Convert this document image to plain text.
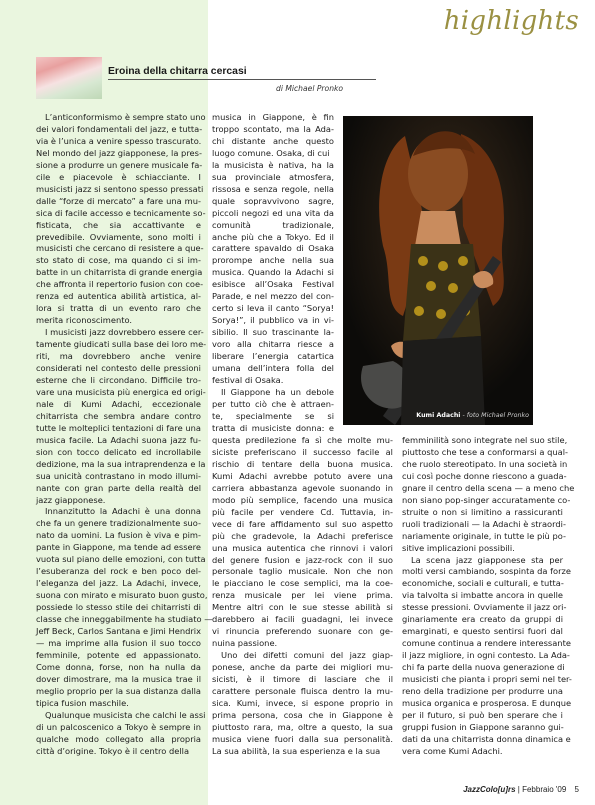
highlights
Eroina della chitarra cercasi
di Michael Pronko
L’anticonformismo è sempre stato uno
dei valori fondamentali del jazz, e tutta-
via è l’unica a venire spesso trascurato.
Nel mondo del jazz giapponese, la pres-
sione a produrre un genere musicale fa-
cile e piacevole è schiacciante. I
musicisti jazz si sentono spesso pressati
dalle “forze di mercato” a fare una mu-
sica di facile accesso e tecnicamente so-
fisticata, che sia accattivante e
prevedibile. Ovviamente, sono molti i
musicisti che cercano di resistere a que-
sto stato di cose, ma quando ci si im-
batte in un chitarrista di grande energia
che affronta il repertorio fusion con coe-
renza ed autentica abilità artistica, al-
lora si tratta di un evento raro che
merita riconoscimento.
I musicisti jazz dovrebbero essere cer-
tamente giudicati sulla base dei loro me-
riti, ma dovrebbero anche venire
considerati nel contesto delle pressioni
esterne che li circondano. Difficile tro-
vare una musicista più energica ed origi-
nale di Kumi Adachi, eccezionale
chitarrista che sembra andare contro
tutte le molteplici tentazioni di fare una
musica facile. La Adachi suona jazz fu-
sion con tocco delicato ed incrollabile
dedizione, ma la sua intraprendenza e la
sua unicità contrastano in modo illumi-
nante con gran parte della realtà del
jazz giapponese.
Innanzitutto la Adachi è una donna
che fa un genere tradizionalmente suo-
nato da uomini. La fusion è viva e pim-
pante in Giappone, ma tende ad essere
vuota sul piano delle emozioni, con tutta
l’esuberanza del rock e ben poco del-
l’eleganza del jazz. La Adachi, invece,
suona con mirato e misurato buon gusto,
possiede lo stesso stile dei chitarristi di
classe che inneggabilmente ha studiato —
Jeff Beck, Carlos Santana e Jimi Hendrix
— ma imprime alla fusion il suo tocco
femminile, potente ed appassionato.
Come donna, forse, non ha nulla da
dover dimostrare, ma la musica trae il
meglio proprio per la sua distanza dalla
tipica fusion maschile.
Qualunque musicista che calchi le assi
di un palcoscenico a Tokyo è sempre in
qualche modo collegato alla propria
città d’origine. Tokyo è il centro della
musica in Giappone, è fin
troppo scontato, ma la Ada-
chi distante anche questo
luogo comune. Osaka, di cui
la musicista è nativa, ha la
sua provinciale atmosfera,
rissosa e senza regole, nella
quale sopravvivono sagre,
piccoli negozi ed una vita da
comunità tradizionale,
anche più che a Tokyo. Ed il
carattere spavaldo di Osaka
prorompe anche nella sua
musica. Quando la Adachi si
esibisce all’Osaka Festival
Parade, e nel mezzo del con-
certo si leva il canto “Sorya!
Sorya!”, il pubblico va in vi-
sibilio. Il suo trascinante la-
voro alla chitarra riesce a
liberare l’energia catartica
umana dell’intera folla del
festival di Osaka.
Il Giappone ha un debole
per tutto ciò che è attraen-
te, specialmente se si
tratta di musiciste donna: e
questa predilezione fa sì che molte mu-
siciste preferiscano il successo facile al
rischio di tentare della buona musica.
Kumi Adachi avrebbe potuto avere una
carriera abbastanza agevole suonando in
modo più semplice, facendo una musica
più facile per vendere Cd. Tuttavia, in-
vece di fare affidamento sul suo aspetto
più che gradevole, la Adachi preferisce
una musica autentica che rinnovi i valori
del genere fusion e jazz-rock con il suo
personale taglio musicale. Non che non
le piacciano le cose semplici, ma la coe-
renza musicale per lei viene prima.
Mentre altri con le sue stesse abilità si
darebbero ai facili guadagni, lei invece
vi rinuncia preferendo suonare con ge-
nuina passione.
Uno dei difetti comuni del jazz giap-
ponese, anche da parte dei migliori mu-
sicisti, è il timore di lasciare che il
carattere personale fluisca dentro la mu-
sica. Kumi, invece, si espone proprio in
prima persona, cosa che in Giappone è
piuttosto rara, ma, oltre a questo, la sua
musica viene fuori dalla sua personalità.
La sua abilità, la sua esperienza e la sua
femminilità sono integrate nel suo stile,
piuttosto che tese a conformarsi a qual-
che ruolo stereotipato. In una società in
cui così poche donne riescono a guada-
gnare il centro della scena — a meno che
non siano pop-singer accuratamente co-
struite o non si limitino a rassicuranti
ruoli tradizionali — la Adachi è straordi-
nariamente originale, in tutte le più po-
sitive implicazioni possibili.
La scena jazz giapponese sta per
molti versi cambiando, sospinta da forze
economiche, sociali e culturali, e tutta-
via talvolta si imbatte ancora in quelle
stesse pressioni. Ovviamente il jazz ori-
ginariamente era creato da gruppi di
emarginati, e questo sentirsi fuori dal
comune continua a rendere interessante
il jazz migliore, in ogni contesto. La Ada-
chi fa parte della nuova generazione di
musicisti che pianta i propri semi nel ter-
reno della tradizione per produrre una
musica organica e prosperosa. E dunque
per il futuro, si può ben sperare che i
gruppi fusion in Giappone saranno gui-
dati da una chitarrista donna dinamica e
vera come Kumi Adachi.
Kumi Adachi - foto Michael Pronko
JazzColo[u]rs | Febbraio '09 5
